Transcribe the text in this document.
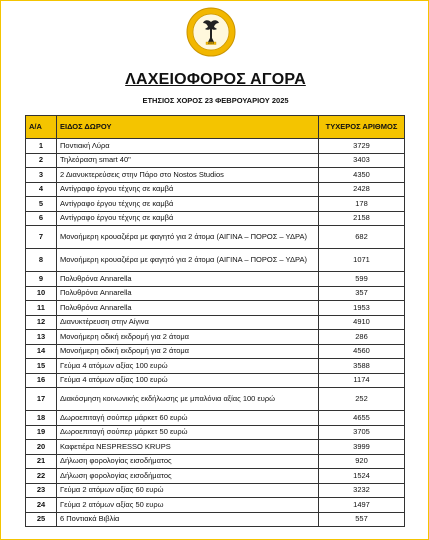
2003
ΛΑΧΕΙΟΦΟΡΟΣ ΑΓΟΡΑ
ΕΤΗΣΙΟΣ ΧΟΡΟΣ 23 ΦΕΒΡΟΥΑΡΙΟΥ 2025
Α/Α	ΕΙΔΟΣ ΔΩΡΟΥ	ΤΥΧΕΡΟΣ ΑΡΙΘΜΟΣ
1	Ποντιακή Λύρα	3729
2	Τηλεόραση smart 40"	3403
3	2 Διανυκτερεύσεις στην Πάρο στο Nostos Studios	4350
4	Αντίγραφο έργου τέχνης σε καμβά	2428
5	Αντίγραφο έργου τέχνης σε καμβά	178
6	Αντίγραφο έργου τέχνης σε καμβά	2158
7	Μονοήμερη κρουαζιέρα με φαγητό για 2 άτομα (ΑΙΓΙΝΑ – ΠΟΡΟΣ – ΥΔΡΑ)	682
8	Μονοήμερη κρουαζιέρα με φαγητό για 2 άτομα (ΑΙΓΙΝΑ – ΠΟΡΟΣ – ΥΔΡΑ)	1071
9	Πολυθρόνα Annarella	599
10	Πολυθρόνα Annarella	357
11	Πολυθρόνα Annarella	1953
12	Διανυκτέρευση στην Αίγινα	4910
13	Μονοήμερη οδική εκδρομή για 2 άτομα	286
14	Μονοήμερη οδική εκδρομή για 2 άτομα	4560
15	Γεύμα 4 ατόμων αξίας 100 ευρώ	3588
16	Γεύμα 4 ατόμων αξίας 100 ευρώ	1174
17	Διακόσμηση κοινωνικής εκδήλωσης με μπαλόνια αξίας 100 ευρώ	252
18	Δωροεπιταγή σούπερ μάρκετ 60 ευρώ	4655
19	Δωροεπιταγή σούπερ μάρκετ 50 ευρώ	3705
20	Καφετιέρα NESPRESSO KRUPS	3999
21	Δήλωση φορολογίας εισοδήματος	920
22	Δήλωση φορολογίας εισοδήματος	1524
23	Γεύμα 2 ατόμων αξίας 60 ευρώ	3232
24	Γεύμα 2 ατόμων αξίας 50 ευρω	1497
25	6 Ποντιακά Βιβλία	557
